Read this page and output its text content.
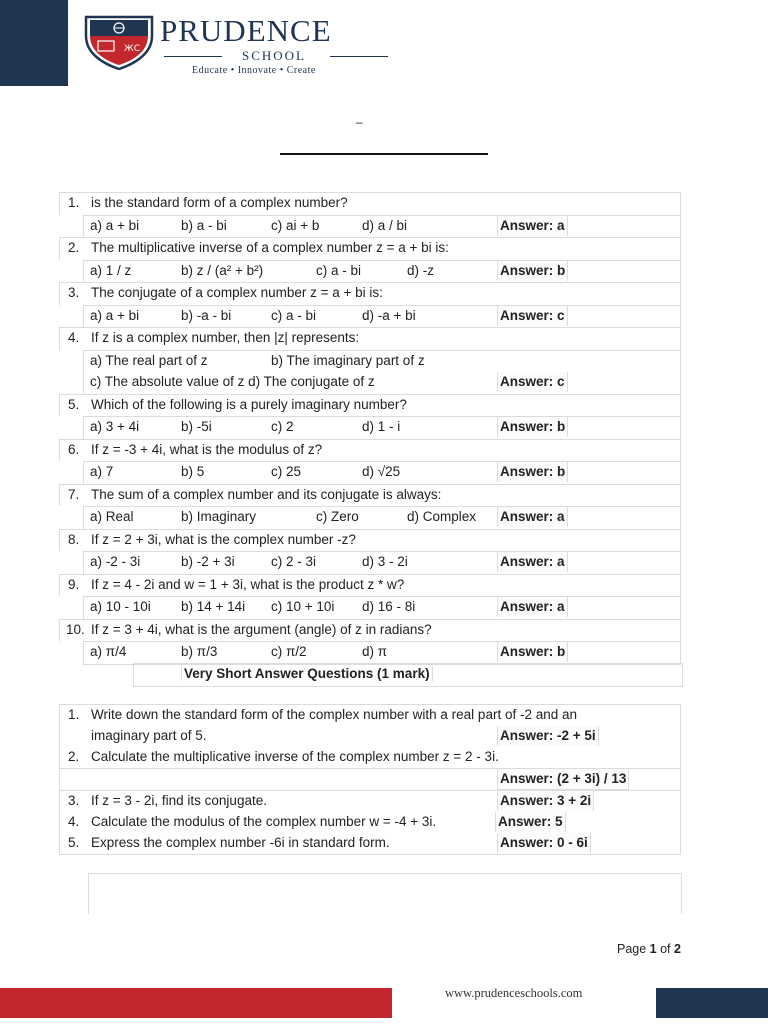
ЖС
PRUDENCE
SCHOOL
Educate • Innovate • Create
–
1. is the standard form of a complex number?
a) a + bi	b) a - bi	c) ai + b	d) a / bi	Answer: a
2. The multiplicative inverse of a complex number z = a + bi is:
a) 1 / z	b) z / (a² + b²)	c) a - bi	d) -z	Answer: b
3. The conjugate of a complex number z = a + bi is:
a) a + bi	b) -a - bi	c) a - bi	d) -a + bi	Answer: c
4. If z is a complex number, then |z| represents:
a) The real part of z	b) The imaginary part of z
c) The absolute value of z d) The conjugate of z	Answer: c
5. Which of the following is a purely imaginary number?
a) 3 + 4i	b) -5i	c) 2	d) 1 - i	Answer: b
6. If z = -3 + 4i, what is the modulus of z?
a) 7	b) 5	c) 25	d) √25	Answer: b
7. The sum of a complex number and its conjugate is always:
a) Real	b) Imaginary	c) Zero	d) Complex Answer: a
8. If z = 2 + 3i, what is the complex number -z?
a) -2 - 3i	b) -2 + 3i	c) 2 - 3i	d) 3 - 2i	Answer: a
9. If z = 4 - 2i and w = 1 + 3i, what is the product z * w?
a) 10 - 10i b) 14 + 14i c) 10 + 10i d) 16 - 8i	Answer: a
10. If z = 3 + 4i, what is the argument (angle) of z in radians?
a) π/4	b) π/3	c) π/2	d) π	Answer: b
Very Short Answer Questions (1 mark)
1. Write down the standard form of the complex number with a real part of -2 and an
imaginary part of 5.	Answer: -2 + 5i
2. Calculate the multiplicative inverse of the complex number z = 2 - 3i.
Answer: (2 + 3i) / 13
3. If z = 3 - 2i, find its conjugate.	Answer: 3 + 2i
4. Calculate the modulus of the complex number w = -4 + 3i.	Answer: 5
5. Express the complex number -6i in standard form.	Answer: 0 - 6i
Page 1 of 2
www.prudenceschools.com
